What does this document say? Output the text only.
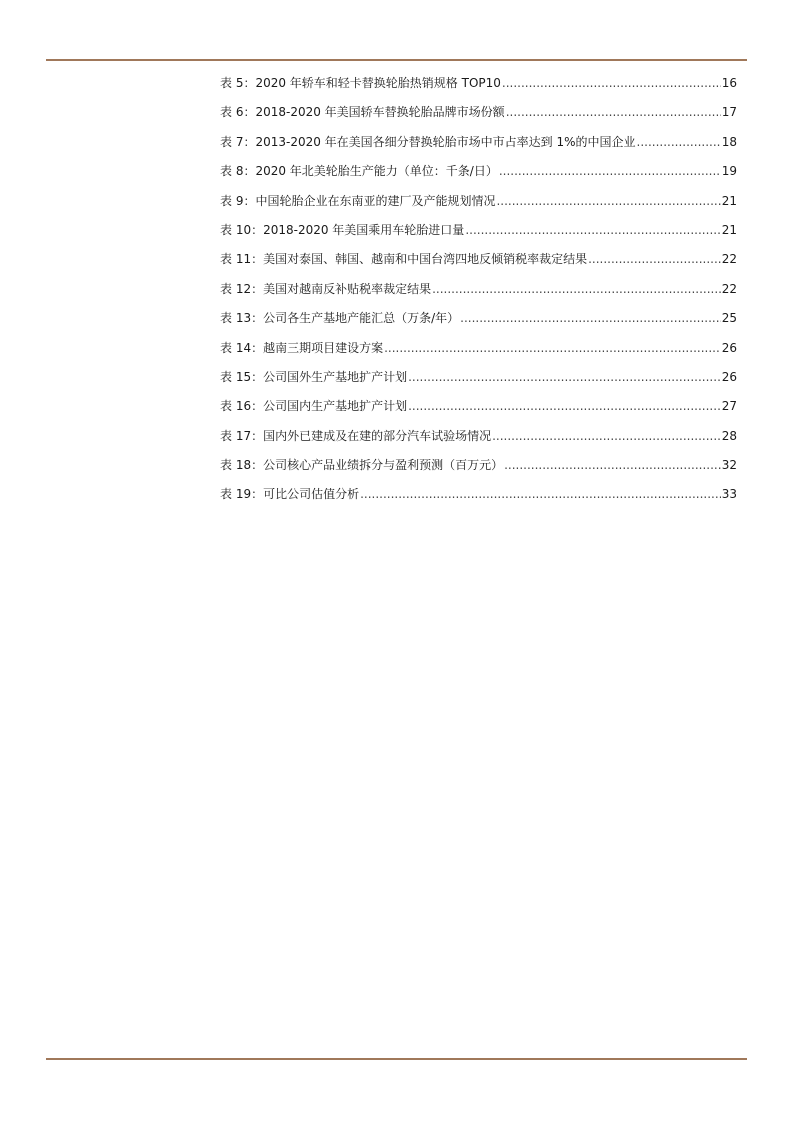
表 5：2020 年轿车和轻卡替换轮胎热销规格 TOP10 .....	16
表 6：2018-2020 年美国轿车替换轮胎品牌市场份额 .....	17
表 7：2013-2020 年在美国各细分替换轮胎市场中市占率达到 1%的中国企业 .....	18
表 8：2020 年北美轮胎生产能力（单位：千条/日） .....	19
表 9：中国轮胎企业在东南亚的建厂及产能规划情况 .....	21
表 10：2018-2020 年美国乘用车轮胎进口量 .....	21
表 11：美国对泰国、韩国、越南和中国台湾四地反倾销税率裁定结果 .....	22
表 12：美国对越南反补贴税率裁定结果 .....	22
表 13：公司各生产基地产能汇总（万条/年） .....	25
表 14：越南三期项目建设方案 .....	26
表 15：公司国外生产基地扩产计划 .....	26
表 16：公司国内生产基地扩产计划 .....	27
表 17：国内外已建成及在建的部分汽车试验场情况 .....	28
表 18：公司核心产品业绩拆分与盈利预测（百万元） .....	32
表 19：可比公司估值分析 .....	33
